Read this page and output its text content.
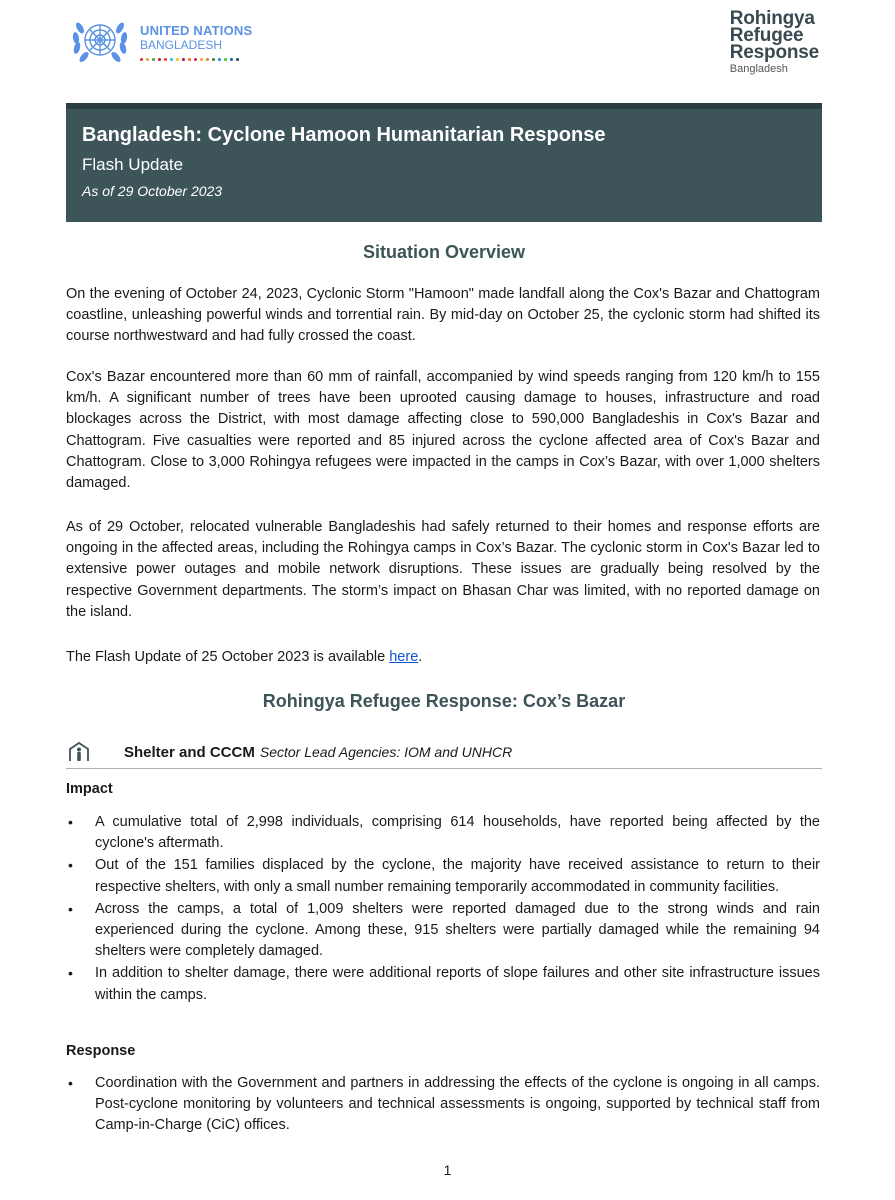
UNITED NATIONS
BANGLADESH
Rohingya
Refugee
Response
Bangladesh
Bangladesh: Cyclone Hamoon Humanitarian Response
Flash Update
As of 29 October 2023
Situation Overview
On the evening of October 24, 2023, Cyclonic Storm "Hamoon" made landfall along the Cox's Bazar and Chattogram coastline, unleashing powerful winds and torrential rain. By mid-day on October 25, the cyclonic storm had shifted its course northwestward and had fully crossed the coast.
Cox's Bazar encountered more than 60 mm of rainfall, accompanied by wind speeds ranging from 120 km/h to 155 km/h. A significant number of trees have been uprooted causing damage to houses, infrastructure and road blockages across the District, with most damage affecting close to 590,000 Bangladeshis in Cox's Bazar and Chattogram. Five casualties were reported and 85 injured across the cyclone affected area of Cox's Bazar and Chattogram. Close to 3,000 Rohingya refugees were impacted in the camps in Cox’s Bazar, with over 1,000 shelters damaged.
As of 29 October, relocated vulnerable Bangladeshis had safely returned to their homes and response efforts are ongoing in the affected areas, including the Rohingya camps in Cox’s Bazar. The cyclonic storm in Cox's Bazar led to extensive power outages and mobile network disruptions. These issues are gradually being resolved by the respective Government departments. The storm’s impact on Bhasan Char was limited, with no reported damage on the island.
The Flash Update of 25 October 2023 is available here.
Rohingya Refugee Response: Cox’s Bazar
Shelter and CCCM Sector Lead Agencies: IOM and UNHCR
Impact
• A cumulative total of 2,998 individuals, comprising 614 households, have reported being affected by the cyclone's aftermath.
• Out of the 151 families displaced by the cyclone, the majority have received assistance to return to their respective shelters, with only a small number remaining temporarily accommodated in community facilities.
• Across the camps, a total of 1,009 shelters were reported damaged due to the strong winds and rain experienced during the cyclone. Among these, 915 shelters were partially damaged while the remaining 94 shelters were completely damaged.
• In addition to shelter damage, there were additional reports of slope failures and other site infrastructure issues within the camps.
Response
• Coordination with the Government and partners in addressing the effects of the cyclone is ongoing in all camps. Post-cyclone monitoring by volunteers and technical assessments is ongoing, supported by technical staff from Camp-in-Charge (CiC) offices.
1
